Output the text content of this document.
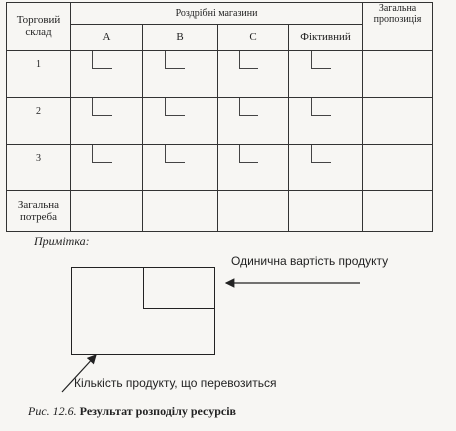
Торговий склад	Роздрібні магазини				Загальна пропозиція
	A	B	C	Фіктивний	

1					

2					

3					

Загальна потреба					
Примітка:
Одинична вартість продукту
Кількість продукту, що перевозиться
Рис. 12.6. Результат розподілу ресурсів
